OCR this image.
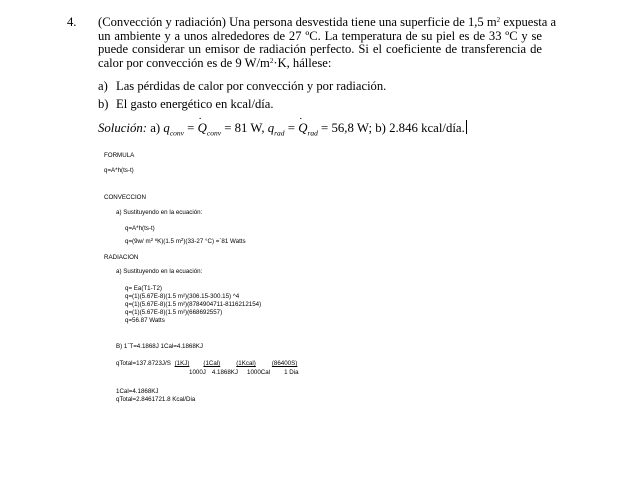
4. (Convección y radiación) Una persona desvestida tiene una superficie de 1,5 $m^2$ expuesta a
un ambiente y a unos alrededores de 27 ºC. La temperatura de su piel es de 33 ºC y se
puede considerar un emisor de radiación perfecto. Si el coeficiente de transferencia de
calor por convección es de 9 $W/m^2\cdot K$, hállese:
a) Las pérdidas de calor por convección y por radiación.
b) El gasto energético en kcal/día.
Solución: a) $q_{conv}$ = · $Q_{conv} = 81$ W, $q_{rad}$ = · $Q_{rad} = 56,8$ W; b) 2.846 kcal/día.
FORMULA
q=A*h(ts-t)
CONVECCION
a) Sustituyendo en la ecuación:
q=A*h(ts-t)
q=(9w/ $m^2$ ºK)(1.5 $m^2)(33-27$ °C) =´81 Watts
RADIACION
a) Sustituyendo en la ecuación:
q= Ea(T1-T2)
q=(1)(5.67E-8)(1.5 m²)(306.15-300.15) ^4
q=(1)(5.67E-8)(1.5 m²)(8784904711-8116212154)
q=(1)(5.67E-8)(1.5 m²)(668692557)
q=56.87 Watts
B) 1´T=4.1868J 1Cal=4.1868KJ
qTotal=137.8723J/S (1KJ) (1Cal)	(1Kcal)	(86400S)
1000J 4.1868KJ 1000Cal 1 Dia
1Cal=4.1868KJ
qTotal=2.8461721.8 Kcal/Dia
